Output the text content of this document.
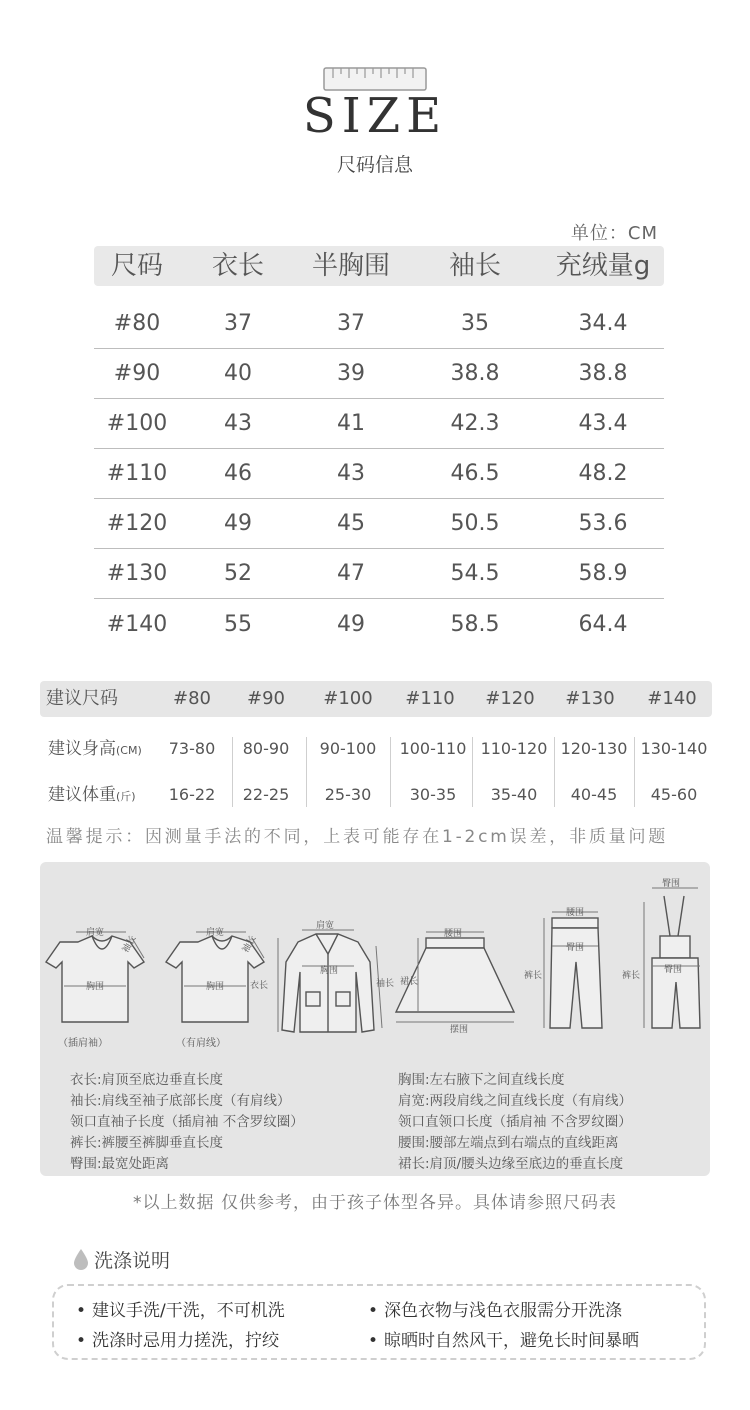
SIZE
尺码信息
单位：CM
尺码	衣长	半胸围	袖长	充绒量g
#80	37	37	35	34.4
#90	40	39	38.8	38.8
#100	43	41	42.3	43.4
#110	46	43	46.5	48.2
#120	49	45	50.5	53.6
#130	52	47	54.5	58.9
#140	55	49	58.5	64.4
建议尺码	#80	#90	#100	#110	#120	#130	#140
建议身高(CM)	73-80	80-90	90-100	100-110 110-120 120-130 130-140
建议体重(斤)	16-22	22-25	25-30	30-35	35-40	40-45	45-60
温馨提示：因测量手法的不同，上表可能存在1-2cm误差，非质量问题
肩宽
胸围
袖长
（插肩袖）
肩宽
胸围
袖长
（有肩线）
肩宽
胸围
衣长	袖长
腰围
摆围
裙长
腰围
臀围
裤长
臀围
臀围
裤长
衣长:肩顶至底边垂直长度
袖长:肩线至袖子底部长度（有肩线）
领口直袖子长度（插肩袖 不含罗纹圈）
裤长:裤腰至裤脚垂直长度
臀围:最宽处距离
胸围:左右腋下之间直线长度
肩宽:两段肩线之间直线长度（有肩线）
领口直领口长度（插肩袖 不含罗纹圈）
腰围:腰部左端点到右端点的直线距离
裙长:肩顶/腰头边缘至底边的垂直长度
*以上数据 仅供参考，由于孩子体型各异。具体请参照尺码表
洗涤说明
• 建议手洗/干洗，不可机洗	• 深色衣物与浅色衣服需分开洗涤
• 洗涤时忌用力搓洗，拧绞	• 晾晒时自然风干，避免长时间暴晒
